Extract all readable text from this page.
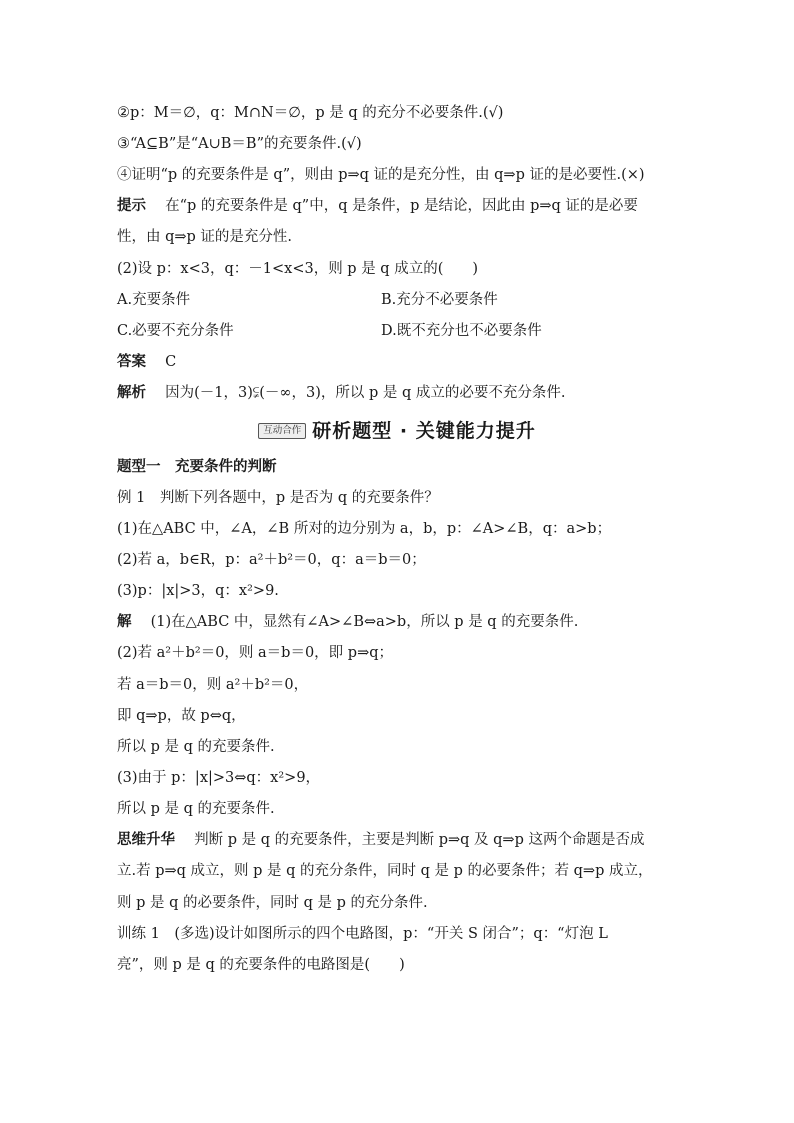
②p：M＝∅，q：M∩N＝∅，p 是 q 的充分不必要条件.(√)
③“A⊆B”是“A∪B＝B”的充要条件.(√)
④证明“p 的充要条件是 q”，则由 p⇒q 证的是充分性，由 q⇒p 证的是必要性.(×)
提示　 在“p 的充要条件是 q”中，q 是条件，p 是结论，因此由 p⇒q 证的是必要
性，由 q⇒p 证的是充分性.
(2)设 p：x<3，q：－1<x<3，则 p 是 q 成立的(　　)
A.充要条件	B.充分不必要条件
C.必要不充分条件	D.既不充分也不必要条件
答案　 C
解析　 因为(－1，3)⫋(－∞，3)，所以 p 是 q 成立的必要不充分条件.
互动合作 研析题型 · 关键能力提升
题型一　充要条件的判断
例 1　判断下列各题中，p 是否为 q 的充要条件？
(1)在△ABC 中，∠A，∠B 所对的边分别为 a，b，p：∠A>∠B，q：a>b；
(2)若 a，b∈R，p：a²＋b²＝0，q：a＝b＝0；
(3)p：|x|>3，q：x²>9.
解　 (1)在△ABC 中，显然有∠A>∠B⇔a>b，所以 p 是 q 的充要条件.
(2)若 a²＋b²＝0，则 a＝b＝0，即 p⇒q；
若 a＝b＝0，则 a²＋b²＝0，
即 q⇒p，故 p⇔q，
所以 p 是 q 的充要条件.
(3)由于 p：|x|>3⇔q：x²>9，
所以 p 是 q 的充要条件.
思维升华　 判断 p 是 q 的充要条件，主要是判断 p⇒q 及 q⇒p 这两个命题是否成
立.若 p⇒q 成立，则 p 是 q 的充分条件，同时 q 是 p 的必要条件；若 q⇒p 成立，
则 p 是 q 的必要条件，同时 q 是 p 的充分条件.
训练 1　(多选)设计如图所示的四个电路图，p：“开关 S 闭合”；q：“灯泡 L
亮”，则 p 是 q 的充要条件的电路图是(　　)
